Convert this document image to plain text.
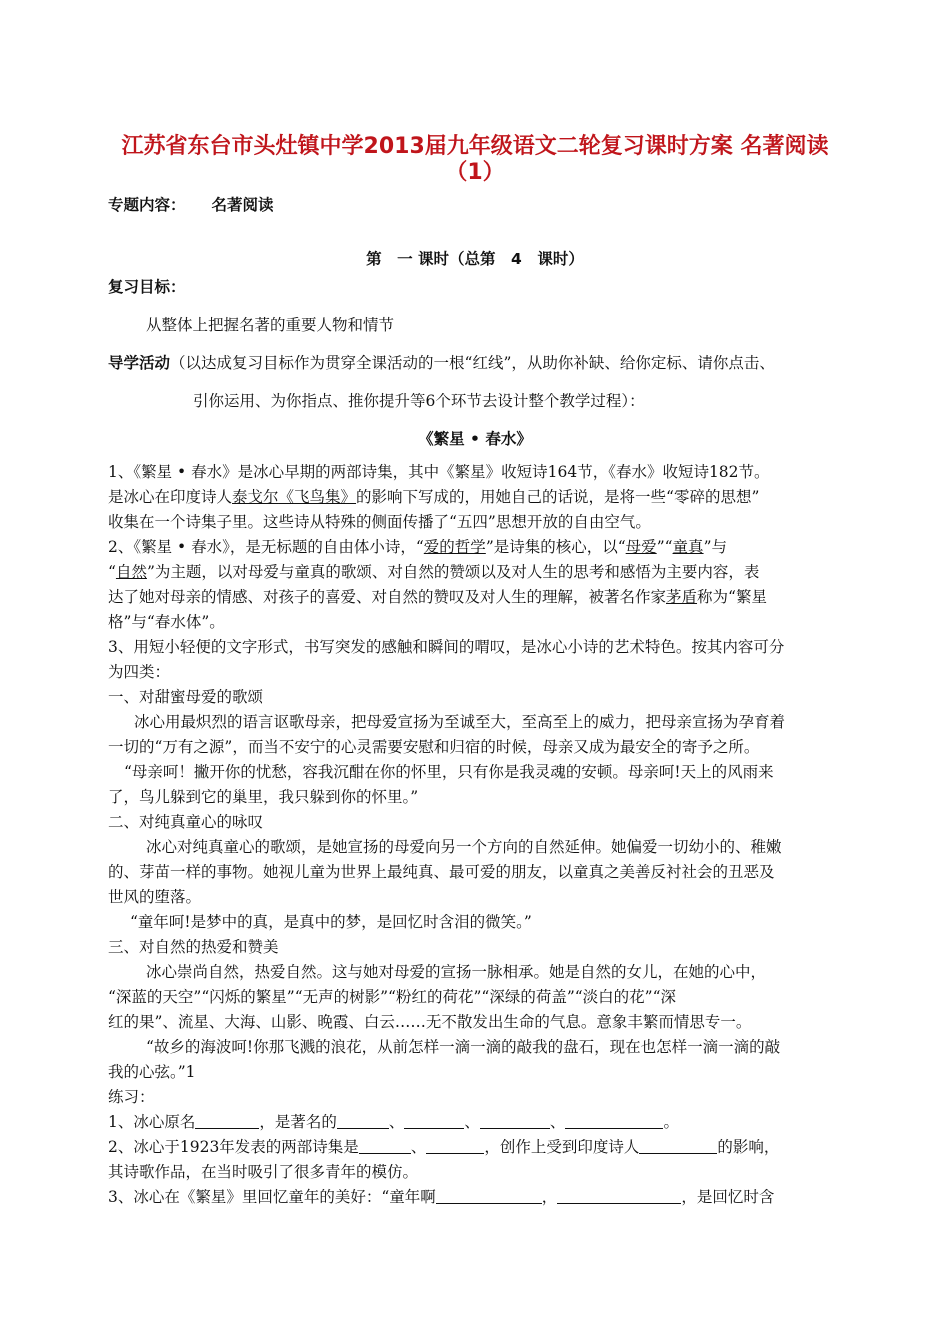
江苏省东台市头灶镇中学2013届九年级语文二轮复习课时方案 名著阅读
（1）
专题内容： 名著阅读
第　一 课时（总第　4　课时）
复习目标：
从整体上把握名著的重要人物和情节
导学活动（以达成复习目标作为贯穿全课活动的一根“红线”，从助你补缺、给你定标、请你点击、
引你运用、为你指点、推你提升等6个环节去设计整个教学过程）：
《繁星 • 春水》
1、《繁星 • 春水》是冰心早期的两部诗集，其中《繁星》收短诗164节，《春水》收短诗182节。
是冰心在印度诗人泰戈尔《飞鸟集》的影响下写成的，用她自己的话说，是将一些“零碎的思想”
收集在一个诗集子里。这些诗从特殊的侧面传播了“五四”思想开放的自由空气。
2、《繁星 • 春水》，是无标题的自由体小诗，“爱的哲学”是诗集的核心，以“母爱”“童真”与
“自然”为主题，以对母爱与童真的歌颂、对自然的赞颂以及对人生的思考和感悟为主要内容，表
达了她对母亲的情感、对孩子的喜爱、对自然的赞叹及对人生的理解，被著名作家茅盾称为“繁星
格”与“春水体”。
3、用短小轻便的文字形式，书写突发的感触和瞬间的喟叹，是冰心小诗的艺术特色。按其内容可分
为四类：
一、对甜蜜母爱的歌颂
冰心用最炽烈的语言讴歌母亲，把母爱宣扬为至诚至大，至高至上的威力，把母亲宣扬为孕育着
一切的“万有之源”，而当不安宁的心灵需要安慰和归宿的时候，母亲又成为最安全的寄予之所。
“母亲呵！撇开你的忧愁，容我沉酣在你的怀里，只有你是我灵魂的安顿。母亲呵!天上的风雨来
了，鸟儿躲到它的巢里，我只躲到你的怀里。”
二、对纯真童心的咏叹
冰心对纯真童心的歌颂，是她宣扬的母爱向另一个方向的自然延伸。她偏爱一切幼小的、稚嫩
的、芽苗一样的事物。她视儿童为世界上最纯真、最可爱的朋友，以童真之美善反衬社会的丑恶及
世风的堕落。
“童年呵!是梦中的真，是真中的梦，是回忆时含泪的微笑。”
三、对自然的热爱和赞美
冰心崇尚自然，热爱自然。这与她对母爱的宣扬一脉相承。她是自然的女儿，在她的心中，
“深蓝的天空”“闪烁的繁星”“无声的树影”“粉红的荷花”“深绿的荷盖”“淡白的花”“深
红的果”、流星、大海、山影、晚霞、白云……无不散发出生命的气息。意象丰繁而情思专一。
“故乡的海波呵!你那飞溅的浪花，从前怎样一滴一滴的敲我的盘石，现在也怎样一滴一滴的敲
我的心弦。”1
练习：
1、冰心原名	，是著名的	、	、	、	。
2、冰心于1923年发表的两部诗集是	、	，创作上受到印度诗人	的影响，
其诗歌作品，在当时吸引了很多青年的模仿。
3、冰心在《繁星》里回忆童年的美好：“童年啊	，	，是回忆时含
